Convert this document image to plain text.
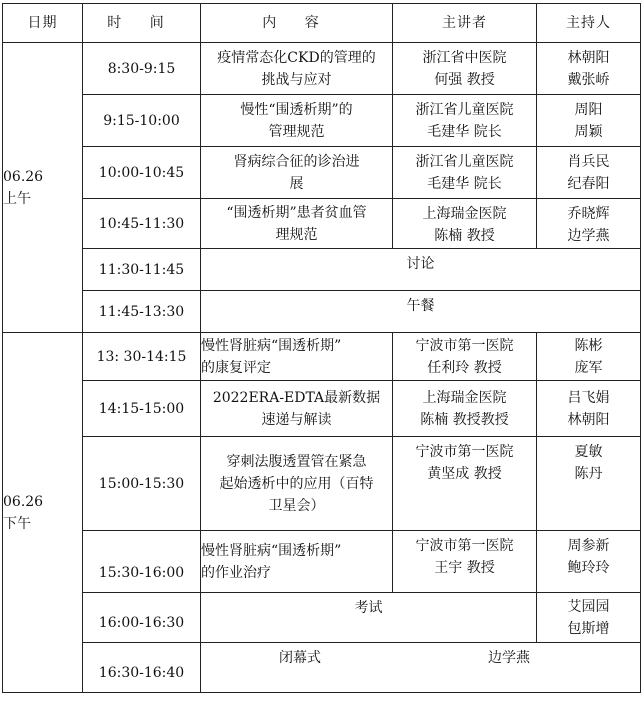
日期	时 间	内 容	主讲者	主持人

06.26
上午	8:30-9:15	疫情常态化CKD的管理的
挑战与应对	浙江省中医院
何强 教授	林朝阳
戴张峤

	9:15-10:00	慢性“围透析期”的
管理规范	浙江省儿童医院
毛建华 院长	周阳
周颖

	10:00-10:45	肾病综合征的诊治进
展	浙江省儿童医院
毛建华 院长	肖兵民
纪春阳

	10:45-11:30	“围透析期”患者贫血管
理规范	上海瑞金医院
陈楠 教授	乔晓辉
边学燕

	11:30-11:45	讨论		
	11:45-13:30	午餐		

06.26
下午	13: 30-14:15	慢性肾脏病“围透析期”
的康复评定	宁波市第一医院
任利玲 教授	陈彬
庞军

	14:15-15:00	2022ERA-EDTA最新数据
速递与解读	上海瑞金医院
陈楠 教授教授	吕飞娟
林朝阳

	15:00-15:30	穿刺法腹透置管在紧急
起始透析中的应用（百特
卫星会）	宁波市第一医院
黄坚成 教授	夏敏
陈丹

	15:30-16:00	慢性肾脏病“围透析期”
的作业治疗	宁波市第一医院
王宇 教授	周参新
鲍玲玲

	16:00-16:30	考试		艾园园
包斯增

	16:30-16:40	闭幕式 边学燕		
